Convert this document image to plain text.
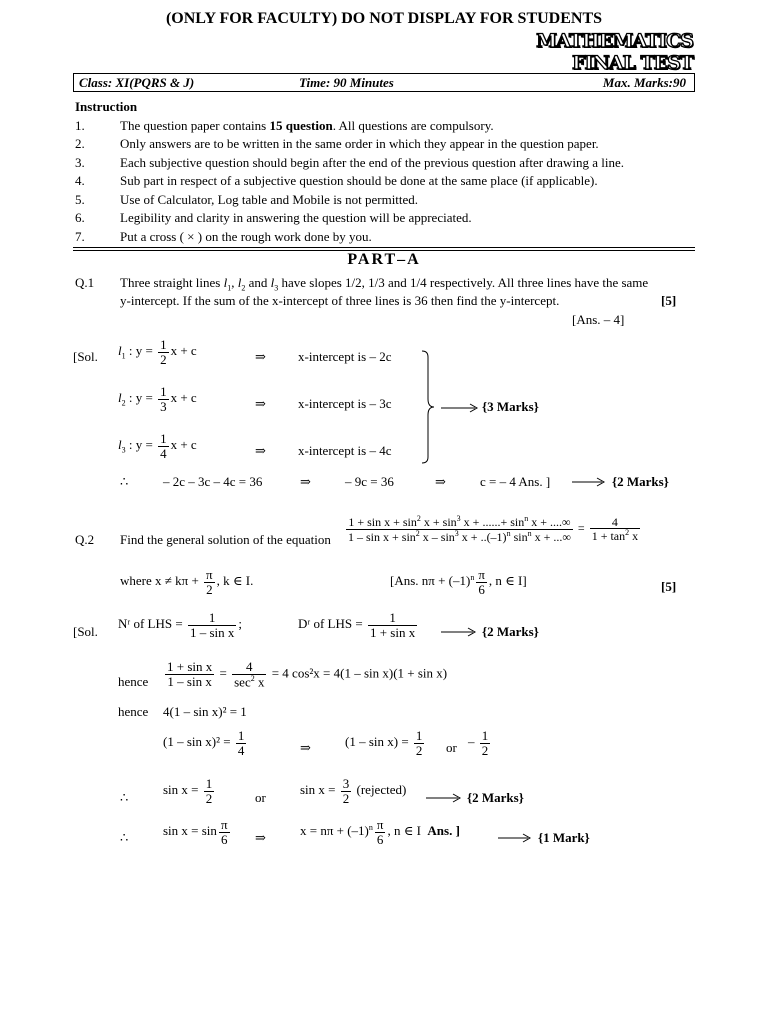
(ONLY FOR FACULTY) DO NOT DISPLAY FOR STUDENTS
MATHEMATICS
FINAL TEST
Class: XI(PQRS & J)	Time: 90 Minutes	Max. Marks:90
Instruction
1.	The question paper contains 15 question. All questions are compulsory.
2.	Only answers are to be written in the same order in which they appear in the question paper.
3.	Each subjective question should begin after the end of the previous question after drawing a line.
4.	Sub part in respect of a subjective question should be done at the same place (if applicable).
5.	Use of Calculator, Log table and Mobile is not permitted.
6.	Legibility and clarity in answering the question will be appreciated.
7.	Put a cross ( × ) on the rough work done by you.
PART–A
Q.1 Three straight lines $l_1$, $l_2$ and $l_3$ have slopes 1/2, 1/3 and 1/4 respectively. All three lines have the same
y-intercept. If the sum of the x-intercept of three lines is 36 then find the y-intercept.	[5]
[Ans. – 4]
[Sol. $l_1$ : $y = \frac{1}{2}$ x + c	⇒ x-intercept is – 2c
$l_2$ : $y = \frac{1}{3}$ x + c	⇒ x-intercept is – 3c
$l_3$ : $y = \frac{1}{4}$ x + c	⇒ x-intercept is – 4c
{3 Marks}
∴	– 2c – 3c – 4c = 36	⇒	– 9c = 36	⇒	c = – 4 Ans. ]	{2 Marks}
Q.2 Find the general solution of the equation $\frac{1 + \sin x + \sin^2 x + \sin^3 x + ......+ \sin^n x + ....\infty}{1 - \sin x + \sin^2 x - \sin^3 x + ..(-1)^n \sin^n x + ...\infty} = \frac{4}{1 + \tan^2 x}$
where $x \ne k\pi + \frac{\pi}{2}$ , k ∈ I.	[Ans. $n\pi + (-1)^n \frac{\pi}{6}$ , n ∈ I]	[5]
[Sol.
Nʳ of LHS = $\frac{1}{\text{1 – sin x}}$ ;	Dʳ of LHS = $\frac{1}{\text{1 + sin x}}$	{2 Marks}
hence $\frac{\text{1 + sin x}}{\text{1 – sin x}} = \frac{4}{\sec^2 x} = 4$ cos²x = 4(1 – sin x)(1 + sin x)
hence 4(1 – sin x)² = 1
$(1 - \sin x)^2 = \frac{1}{4}$	⇒	$(1 - \sin x) = \frac{1}{2}$ or – $\frac{1}{2}$
∴
$\sin x = \frac{1}{2}$	or
$\sin x = \frac{3}{2}$ (rejected)
{2 Marks}
∴	$\sin x = \sin \frac{\pi}{6}$ ⇒	$x = n\pi + (-1)^n \frac{\pi}{6}$ , n ∈ I Ans. ]	{1 Mark}
